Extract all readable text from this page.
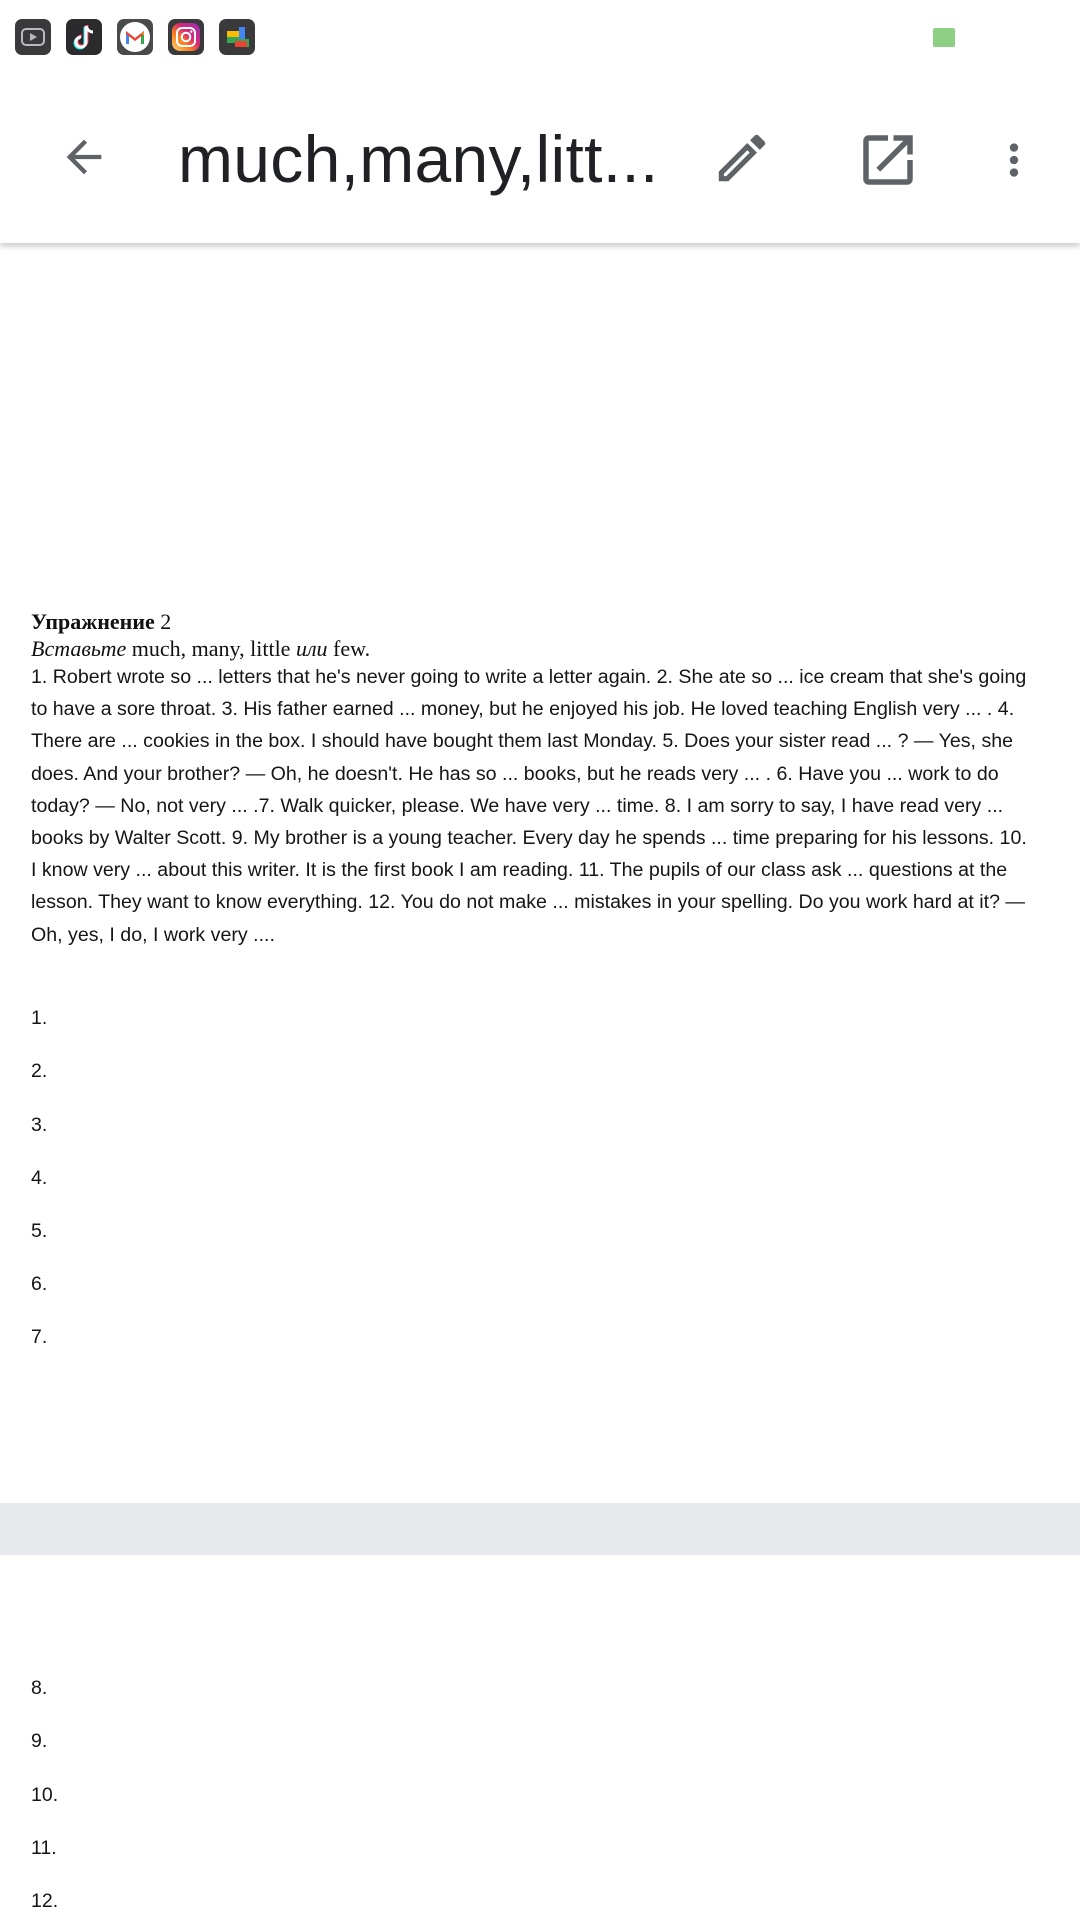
much,many,litt...
Упражнение 2
Вставьте much, many, little или few.
1. Robert wrote so ... letters that he's never going to write a letter again. 2. She ate so ... ice cream that she's going to have a sore throat. 3. His father earned ... money, but he enjoyed his job. He loved teaching English very ... . 4. There are ... cookies in the box. I should have bought them last Monday. 5. Does your sister read ... ? — Yes, she does. And your brother? — Oh, he doesn't. He has so ... books, but he reads very ... . 6. Have you ... work to do today? — No, not very ... .7. Walk quicker, please. We have very ... time. 8. I am sorry to say, I have read very ... books by Walter Scott. 9. My brother is a young teacher. Every day he spends ... time preparing for his lessons. 10. I know very ... about this writer. It is the first book I am reading. 11. The pupils of our class ask ... questions at the lesson. They want to know everything. 12. You do not make ... mistakes in your spelling. Do you work hard at it? — Oh, yes, I do, I work very ....
1.
2.
3.
4.
5.
6.
7.
8.
9.
10.
11.
12.
